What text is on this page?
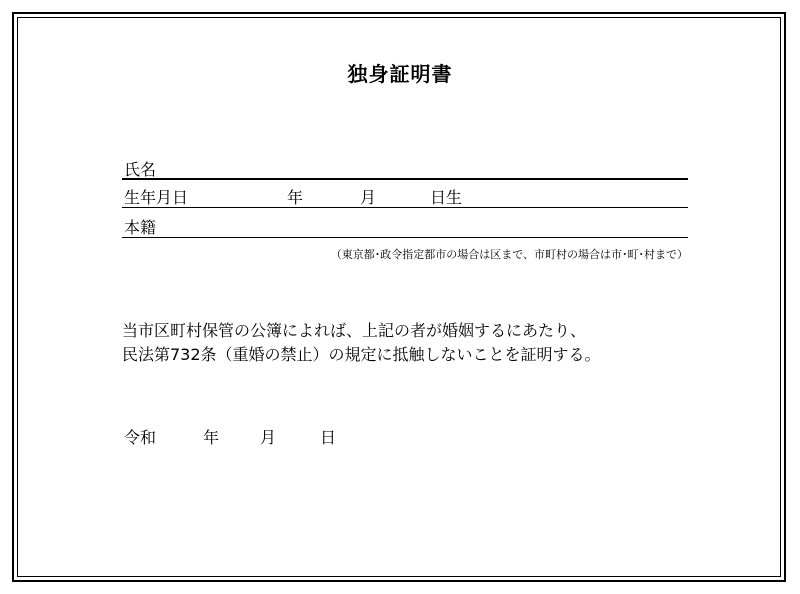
独身証明書
氏名
生年月日	年	月	日生
本籍
（東京都･政令指定都市の場合は区まで、市町村の場合は市･町･村まで）
当市区町村保管の公簿によれば、上記の者が婚姻するにあたり、
民法第732条（重婚の禁止）の規定に抵触しないことを証明する。
令和	年	月	日
